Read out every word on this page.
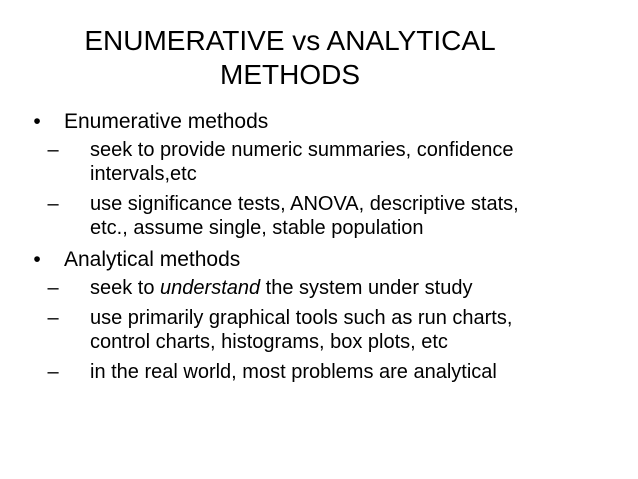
ENUMERATIVE vs ANALYTICAL
METHODS
• Enumerative methods
– seek to provide numeric summaries, confidence
intervals,etc
– use significance tests, ANOVA, descriptive stats,
etc., assume single, stable population
• Analytical methods
– seek to understand the system under study
– use primarily graphical tools such as run charts,
control charts, histograms, box plots, etc
– in the real world, most problems are analytical
